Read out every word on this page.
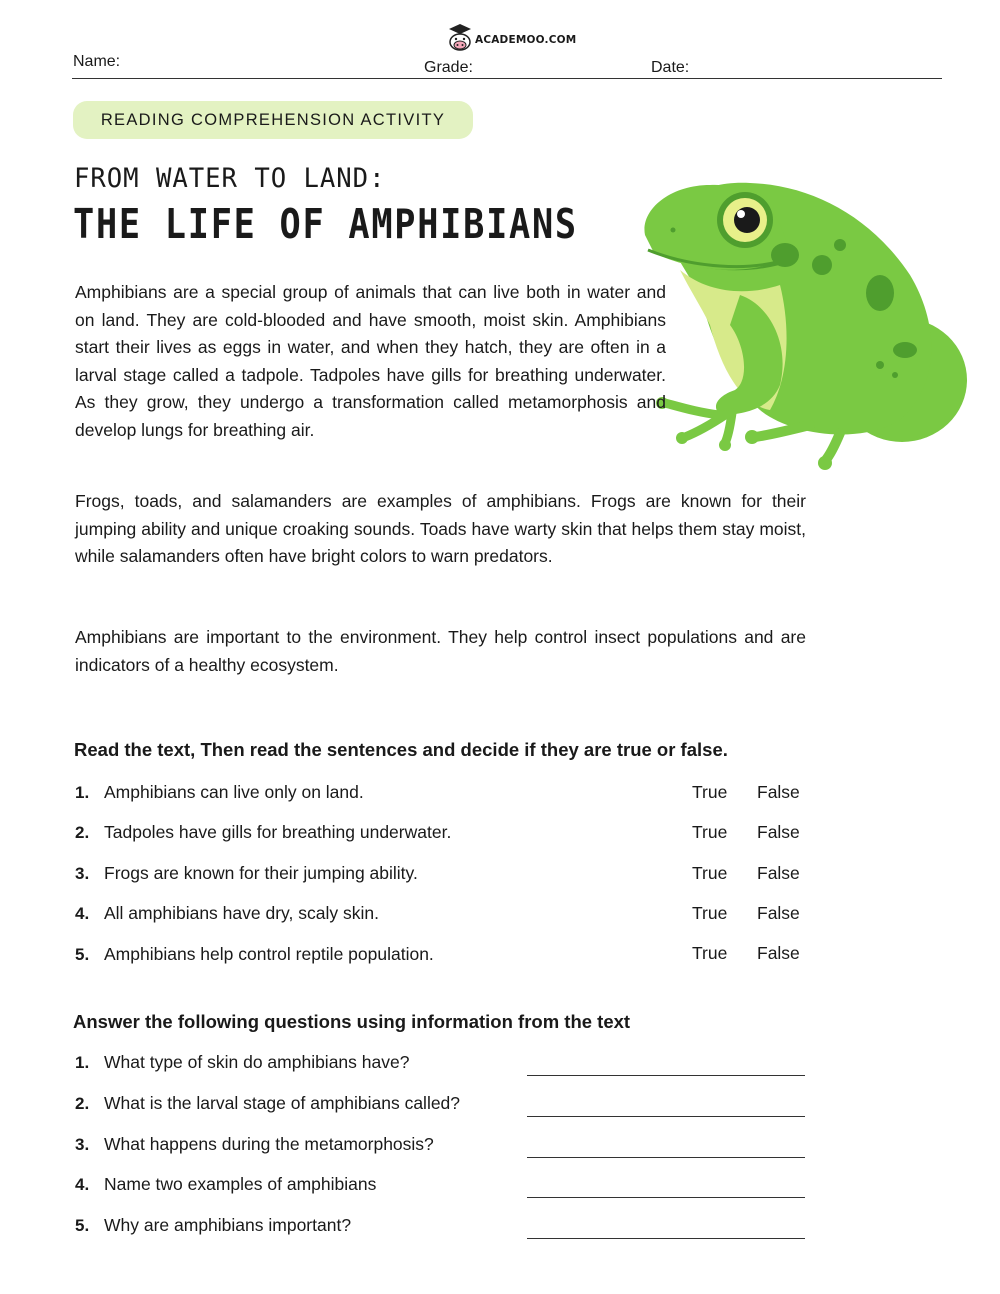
ACADEMOO.COM
Name:	Grade:	Date:
READING COMPREHENSION ACTIVITY
FROM WATER TO LAND:
THE LIFE OF AMPHIBIANS
Amphibians are a special group of animals that can live both in water and on land. They are cold-blooded and have smooth, moist skin. Amphibians start their lives as eggs in water, and when they hatch, they are often in a larval stage called a tadpole. Tadpoles have gills for breathing underwater. As they grow, they undergo a transformation called metamorphosis and develop lungs for breathing air.
Frogs, toads, and salamanders are examples of amphibians. Frogs are known for their jumping ability and unique croaking sounds. Toads have warty skin that helps them stay moist, while salamanders often have bright colors to warn predators.
Amphibians are important to the environment. They help control insect populations and are indicators of a healthy ecosystem.
Read the text, Then read the sentences and decide if they are true or false.
1. Amphibians can live only on land.	True False
2. Tadpoles have gills for breathing underwater.	True False
3. Frogs are known for their jumping ability.	True False
4. All amphibians have dry, scaly skin.	True False
5. Amphibians help control reptile population.	True False
Answer the following questions using information from the text
1. What type of skin do amphibians have?
2. What is the larval stage of amphibians called?
3. What happens during the metamorphosis?
4. Name two examples of amphibians
5. Why are amphibians important?
